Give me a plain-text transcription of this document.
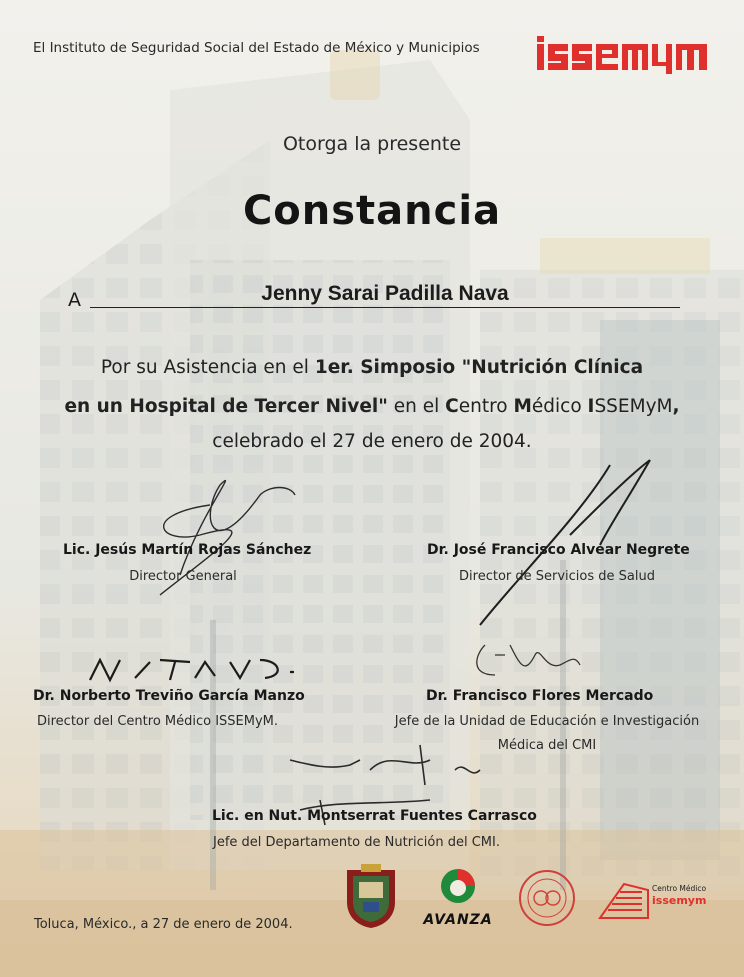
El Instituto de Seguridad Social del Estado de México y Municipios
Otorga la presente
Constancia
A	Jenny Sarai Padilla Nava
Por su Asistencia en el 1er. Simposio "Nutrición Clínica
en un Hospital de Tercer Nivel" en el Centro Médico ISSEMyM,
celebrado el 27 de enero de 2004.
Lic. Jesús Martín Rojas Sánchez
Director General
Dr. José Francisco Alvear Negrete
Director de Servicios de Salud
Dr. Norberto Treviño García Manzo
Director del Centro Médico ISSEMyM.
Dr. Francisco Flores Mercado
Jefe de la Unidad de Educación e Investigación
Médica del CMI
Lic. en Nut. Montserrat Fuentes Carrasco
Jefe del Departamento de Nutrición del CMI.
Toluca, México., a 27 de enero de 2004.	AVANZA
Centro Médico
issemym
